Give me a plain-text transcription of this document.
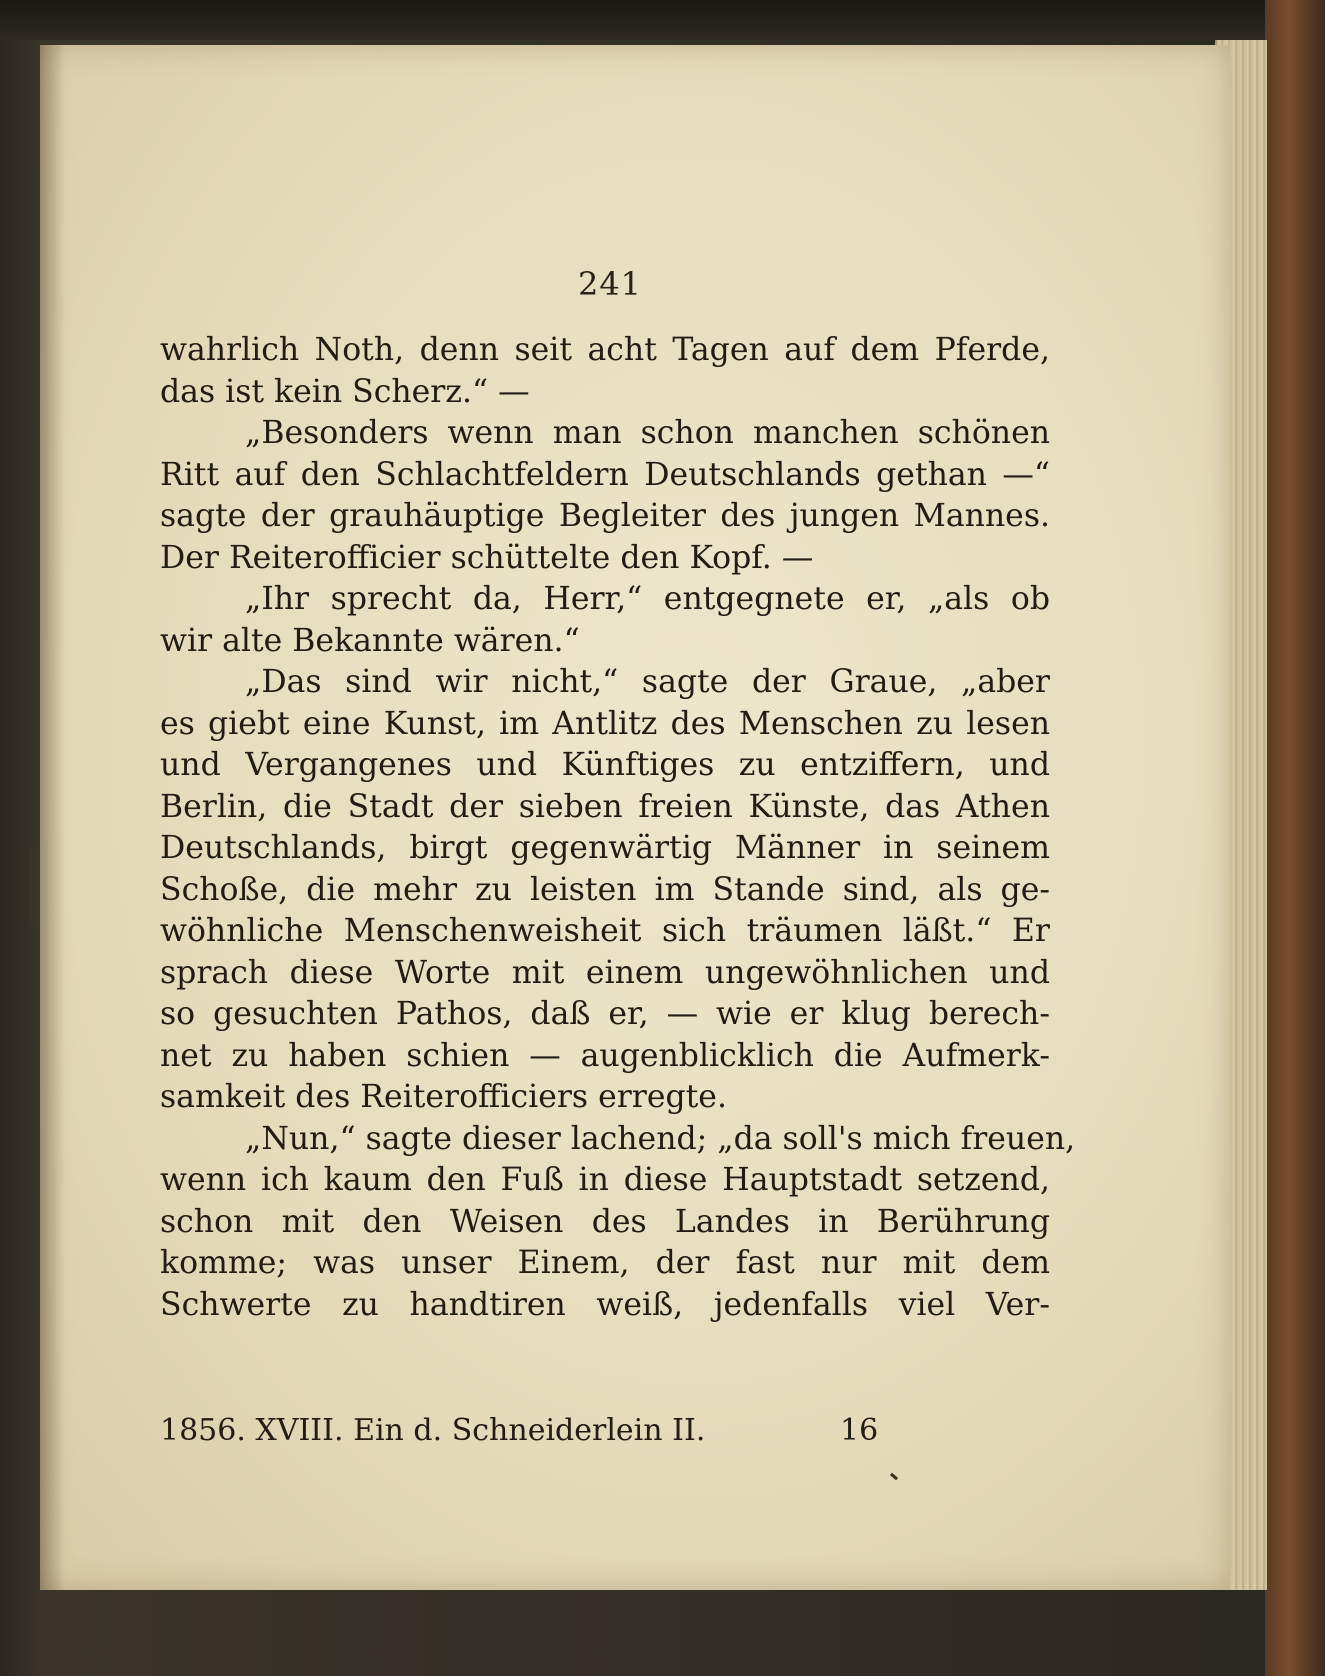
241
wahrlich Noth, denn seit acht Tagen auf dem Pferde,
das ist kein Scherz.“ —
„Besonders wenn man schon manchen schönen
Ritt auf den Schlachtfeldern Deutschlands gethan —“
sagte der grauhäuptige Begleiter des jungen Mannes.
Der Reiterofficier schüttelte den Kopf. —
„Ihr sprecht da, Herr,“ entgegnete er, „als ob
wir alte Bekannte wären.“
„Das sind wir nicht,“ sagte der Graue, „aber
es giebt eine Kunst, im Antlitz des Menschen zu lesen
und Vergangenes und Künftiges zu entziffern, und
Berlin, die Stadt der sieben freien Künste, das Athen
Deutschlands, birgt gegenwärtig Männer in seinem
Schoße, die mehr zu leisten im Stande sind, als ge-
wöhnliche Menschenweisheit sich träumen läßt.“ Er
sprach diese Worte mit einem ungewöhnlichen und
so gesuchten Pathos, daß er, — wie er klug berech-
net zu haben schien — augenblicklich die Aufmerk-
samkeit des Reiterofficiers erregte.
„Nun,“ sagte dieser lachend; „da soll's mich freuen,
wenn ich kaum den Fuß in diese Hauptstadt setzend,
schon mit den Weisen des Landes in Berührung
komme; was unser Einem, der fast nur mit dem
Schwerte zu handtiren weiß, jedenfalls viel Ver-
1856. XVIII. Ein d. Schneiderlein II.	16
